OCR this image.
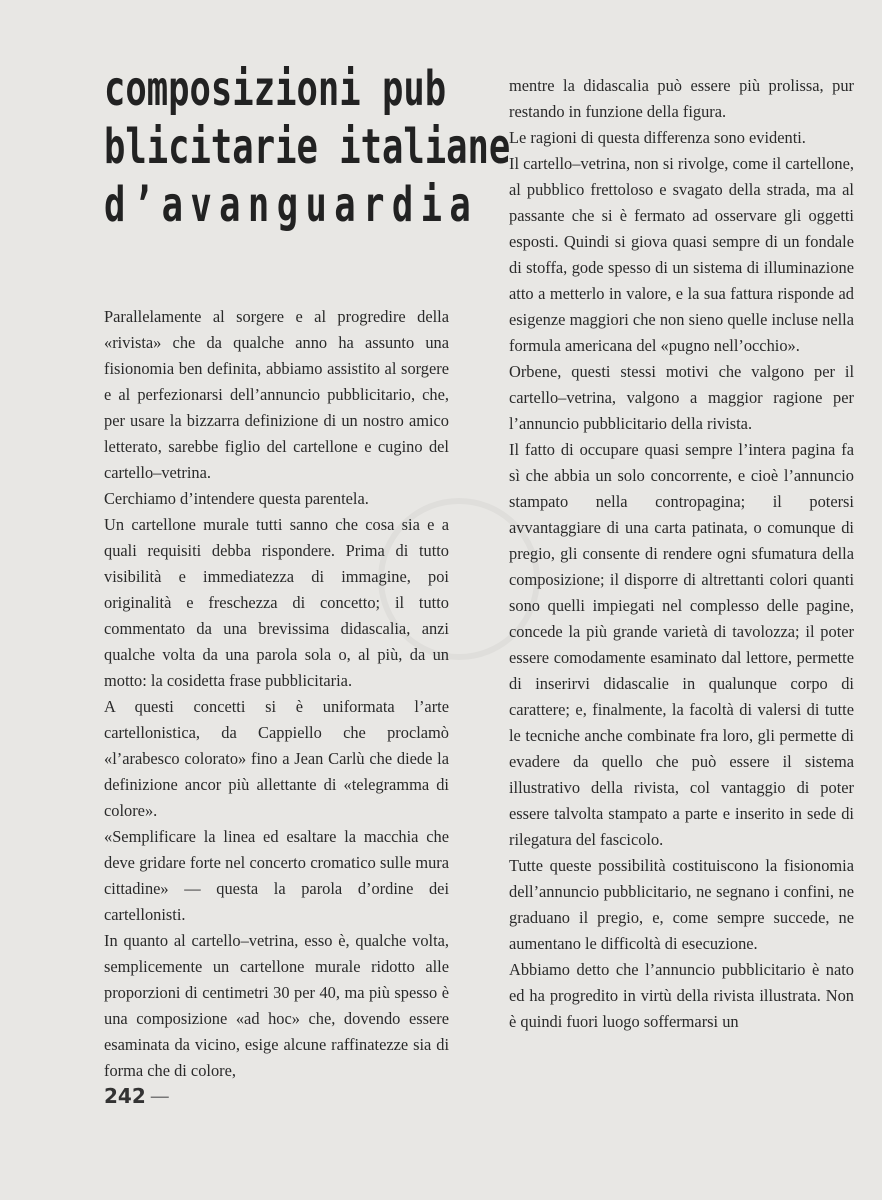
composizioni pub
blicitarie italiane
d’avanguardia

Parallelamente al sorgere e al progredire della «rivista» che da qualche anno ha assunto una fisionomia ben definita, abbiamo assistito al sorgere e al perfezionarsi dell’annuncio pubblicitario, che, per usare la bizzarra definizione di un nostro amico letterato, sarebbe figlio del cartellone e cugino del cartello–vetrina.

Cerchiamo d’intendere questa parentela.

Un cartellone murale tutti sanno che cosa sia e a quali requisiti debba rispondere. Prima di tutto visibilità e immediatezza di immagine, poi originalità e freschezza di concetto; il tutto commentato da una brevissima didascalia, anzi qualche volta da una parola sola o, al più, da un motto: la cosidetta frase pubblicitaria.

A questi concetti si è uniformata l’arte cartellonistica, da Cappiello che proclamò «l’arabesco colorato» fino a Jean Carlù che diede la definizione ancor più allettante di «telegramma di colore».

«Semplificare la linea ed esaltare la macchia che deve gridare forte nel concerto cromatico sulle mura cittadine» — questa la parola d’ordine dei cartellonisti.

In quanto al cartello–vetrina, esso è, qualche volta, semplicemente un cartellone murale ridotto alle proporzioni di centimetri 30 per 40, ma più spesso è una composizione «ad hoc» che, dovendo essere esaminata da vicino, esige alcune raffinatezze sia di forma che di colore,

mentre la didascalia può essere più prolissa, pur restando in funzione della figura.

Le ragioni di questa differenza sono evidenti.

Il cartello–vetrina, non si rivolge, come il cartellone, al pubblico frettoloso e svagato della strada, ma al passante che si è fermato ad osservare gli oggetti esposti. Quindi si giova quasi sempre di un fondale di stoffa, gode spesso di un sistema di illuminazione atto a metterlo in valore, e la sua fattura risponde ad esigenze maggiori che non sieno quelle incluse nella formula americana del «pugno nell’occhio».

Orbene, questi stessi motivi che valgono per il cartello–vetrina, valgono a maggior ragione per l’annuncio pubblicitario della rivista.

Il fatto di occupare quasi sempre l’intera pagina fa sì che abbia un solo concorrente, e cioè l’annuncio stampato nella contropagina; il potersi avvantaggiare di una carta patinata, o comunque di pregio, gli consente di rendere ogni sfumatura della composizione; il disporre di altrettanti colori quanti sono quelli impiegati nel complesso delle pagine, concede la più grande varietà di tavolozza; il poter essere comodamente esaminato dal lettore, permette di inserirvi didascalie in qualunque corpo di carattere; e, finalmente, la facoltà di valersi di tutte le tecniche anche combinate fra loro, gli permette di evadere da quello che può essere il sistema illustrativo della rivista, col vantaggio di poter essere talvolta stampato a parte e inserito in sede di rilegatura del fascicolo.

Tutte queste possibilità costituiscono la fisionomia dell’annuncio pubblicitario, ne segnano i confini, ne graduano il pregio, e, come sempre succede, ne aumentano le difficoltà di esecuzione.

Abbiamo detto che l’annuncio pubblicitario è nato ed ha progredito in virtù della rivista illustrata. Non è quindi fuori luogo soffermarsi un

242 —
